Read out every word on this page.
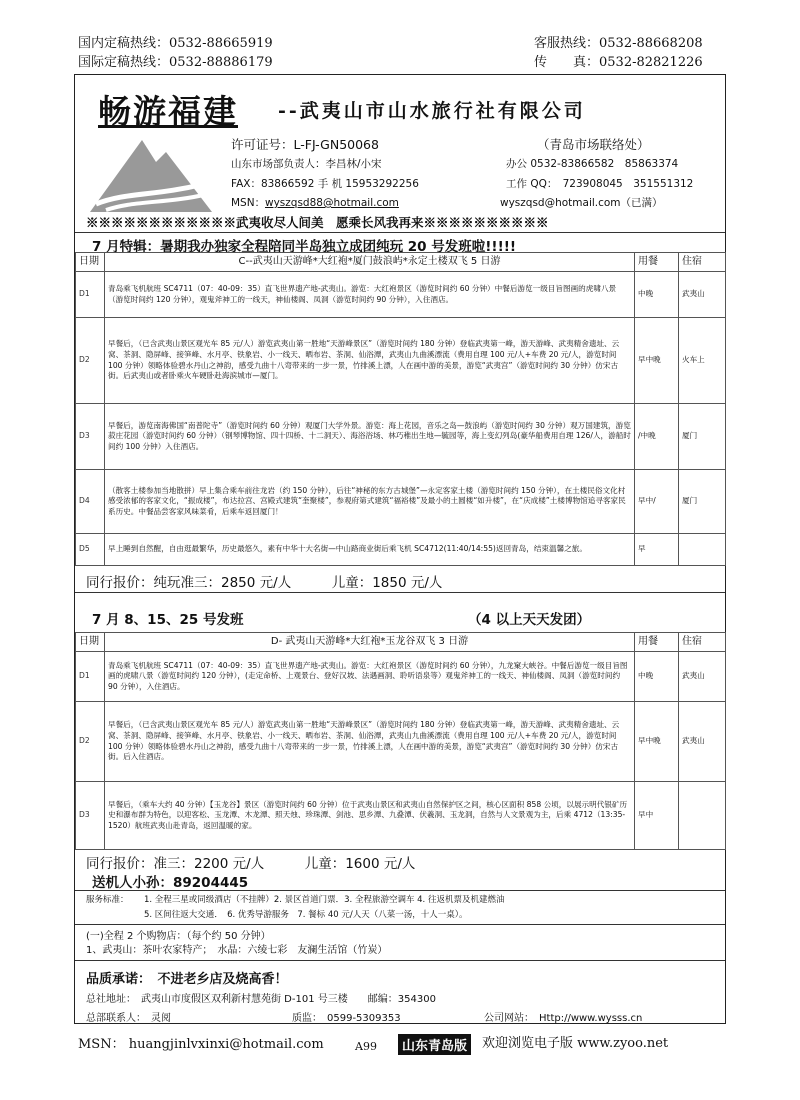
国内定稿热线：0532-88665919
国际定稿热线：0532-88886179
客服热线：0532-88668208
传　　真：0532-82821226
畅游福建 --武夷山市山水旅行社有限公司
许可证号：L-FJ-GN50068	（青岛市场联络处）
山东市场部负责人：李昌林/小宋	办公 0532-83866582　85863374
FAX：83866592 手 机 15953292256	工作 QQ：　723908045　351551312
MSN： wyszqsd88@hotmail.com	wyszqsd@hotmail.com（已满）
※※※※※※※※※※※※武夷收尽人间美　愿乘长风我再来※※※※※※※※※※
7 月特辑：暑期我办独家全程陪同半岛独立成团纯玩 20 号发班啦!!!!!
日期	C--武夷山天游峰*大红袍*厦门鼓浪屿*永定土楼双飞 5 日游	用餐	住宿
D1	青岛乘飞机航班 SC4711（07：40-09：35）直飞世界遗产地-武夷山。游览：大红袍景区（游览时间约 60 分钟）中餐后游览一级目旨图画的虎啸八景（游览时间约 120 分钟），观鬼斧神工的一线天，神仙楼阁、凤洞（游览时间约 90 分钟），入住酒店。	中晚	武夷山
D2	早餐后，（已含武夷山景区观光车 85 元/人）游览武夷山第一胜地“天游峰景区”（游览时间约 180 分钟）登临武夷第一峰，游天游峰、武夷精舍遗址、云窝、茶洞、隐屏峰、接笋峰、水月亭、铁象岩、小一线天、晒布岩、茶洞、仙浴潭，武夷山九曲溪漂流（费用自理 100 元/人+车费 20 元/人，游览时间 100 分钟）领略体验碧水丹山之神韵，感受九曲十八弯带来的一步一景，竹排溪上漂，人在画中游的美景，游览“武夷宫”（游览时间约 30 分钟）仿宋古街。后武夷山或者卧乘火车硬卧赴海滨城市—厦门。	早中晚	火车上
D3	早餐后，游览南海佛国“南普陀寺”（游览时间约 60 分钟）观厦门大学外景。游览：海上花园，音乐之岛—鼓浪屿（游览时间约 30 分钟）观万国建筑，游览菽庄花园（游览时间约 60 分钟）（钢琴博物馆、四十四桥、十二洞天）、海浴浴场、林巧稚出生地—毓园等，海上变幻列岛(豪华船费用自理 126/人，游船时间约 100 分钟）入住酒店。	/中晚	厦门
D4	（散客土楼参加当地散拼）早上集合乘车前往龙岩（约 150 分钟），后往“神秘的东方古城堡”—永定客家土楼（游览时间约 150 分钟），在土楼民俗文化村感受浓郁的客家文化，“振成楼”，布达拉宫、宫殿式建筑“奎聚楼”，参观府第式建筑“福裕楼”及最小的土圆楼“如升楼”，在“庆成楼”土楼博物馆追寻客家民系历史。中餐品尝客家风味菜肴，后乘车返回厦门！	早中/	厦门
D5	早上睡到自然醒，自由逛最繁华，历史最悠久，素有中华十大名街—中山路商业街后乘飞机 SC4712(11:40/14:55)返回青岛，结束温馨之旅。	早	
同行报价：纯玩准三：2850 元/人　　　儿童：1850 元/人
7 月 8、15、25 号发班	（4 以上天天发团）
日期	D- 武夷山天游峰*大红袍*玉龙谷双飞 3 日游	用餐	住宿
D1	青岛乘飞机航班 SC4711（07：40-09：35）直飞世界遗产地-武夷山。游览：大红袍景区（游览时间约 60 分钟），九龙窠大峡谷。中餐后游览一级目旨图画的虎啸八景（游览时间约 120 分钟），(走定命桥、上观景台、登好汉坡、法遇画洞、聆听语泉等）观鬼斧神工的一线天、神仙楼阁、凤洞（游览时间约 90 分钟），入住酒店。	中晚	武夷山
D2	早餐后，（已含武夷山景区观光车 85 元/人）游览武夷山第一胜地“天游峰景区”（游览时间约 180 分钟）登临武夷第一峰，游天游峰、武夷精舍遗址、云窝、茶洞、隐屏峰、接笋峰、水月亭、铁象岩、小一线天、晒布岩、茶洞、仙浴潭，武夷山九曲溪漂流（费用自理 100 元/人+车费 20 元/人，游览时间 100 分钟）领略体验碧水丹山之神韵，感受九曲十八弯带来的一步一景，竹排溪上漂，人在画中游的美景，游览“武夷宫”（游览时间约 30 分钟）仿宋古街。后入住酒店。	早中晚	武夷山
D3	早餐后，（乘车大约 40 分钟）【玉龙谷】景区（游览时间约 60 分钟）位于武夷山景区和武夷山自然保护区之间，核心区面积 858 公顷，以展示明代银矿历史和瀑布群为特色，以迎客松、玉龙潭、木龙潭、照天烛、珍珠潭、剑池、思乡潭、九叠潭、伏羲洞、玉龙洞，自然与人文景观为主，后乘 4712（13:35-1520）航班武夷山赴青岛，返回温暖的家。	早中	
同行报价：准三：2200 元/人　　　儿童：1600 元/人
送机人小孙：89204445
服务标准： 1. 全程三星或同级酒店（不挂牌）2. 景区首道门票．3. 全程旅游空调车 4. 往返机票及机建燃油
5. 区间往返大交通．　6. 优秀导游服务　7. 餐标 40 元/人天（八菜一汤，十人一桌）。
(一)全程 2 个购物店：（每个约 50 分钟）
1、武夷山：茶叶农家特产；　水晶：六绫七彩　友澜生活馆（竹炭）
品质承诺：　不进老乡店及烧高香！
总社地址：　武夷山市度假区双利新村慧苑街 D-101 号三楼　　邮编：354300
总部联系人：　灵阅	质监：　0599-5309353	公司网站：　Http://www.wysss.cn
MSN： huangjinlvxinxi@hotmail.com	A99	山东青岛版	欢迎浏览电子版 www.zyoo.net
